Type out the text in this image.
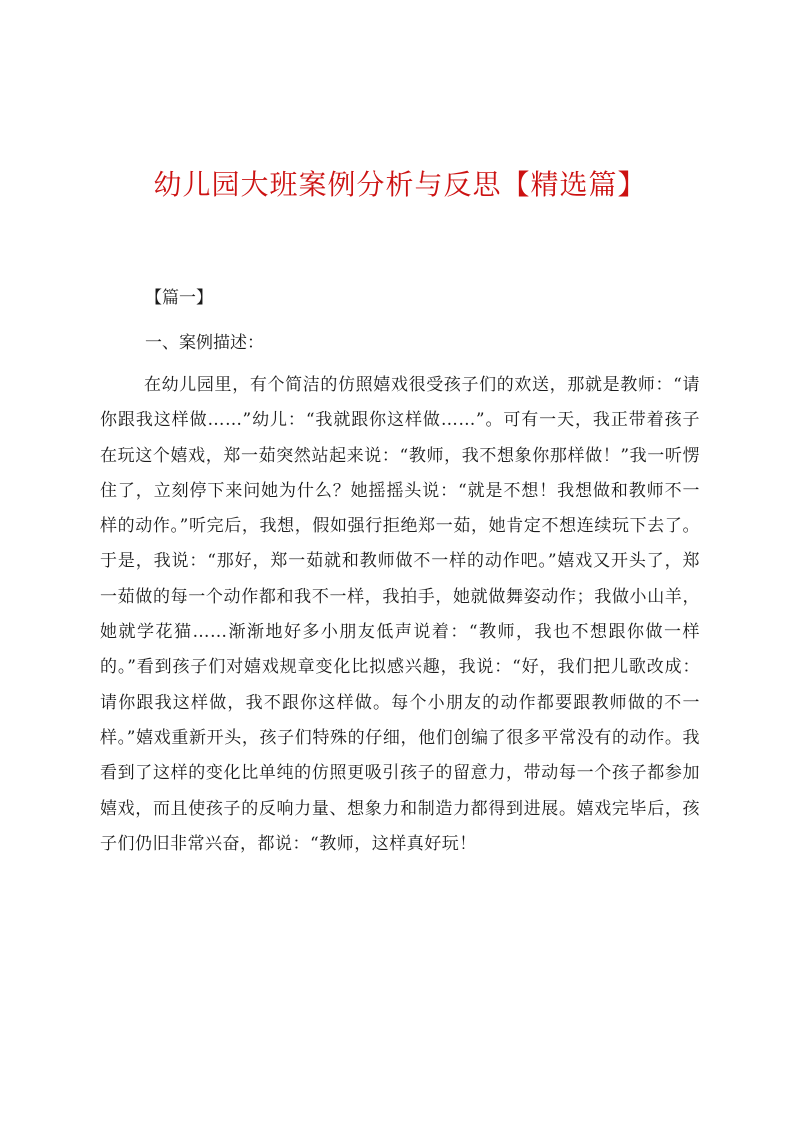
幼儿园大班案例分析与反思【精选篇】

【篇一】

一、案例描述：

在幼儿园里，有个简洁的仿照嬉戏很受孩子们的欢送，那就是教师：“请你跟我这样做……”幼儿：“我就跟你这样做……”。可有一天，我正带着孩子在玩这个嬉戏，郑一茹突然站起来说：“教师，我不想象你那样做！”我一听愣住了，立刻停下来问她为什么？她摇摇头说：“就是不想！我想做和教师不一样的动作。”听完后，我想，假如强行拒绝郑一茹，她肯定不想连续玩下去了。于是，我说：“那好，郑一茹就和教师做不一样的动作吧。”嬉戏又开头了，郑一茹做的每一个动作都和我不一样，我拍手，她就做舞姿动作；我做小山羊，她就学花猫……渐渐地好多小朋友低声说着：“教师，我也不想跟你做一样的。”看到孩子们对嬉戏规章变化比拟感兴趣，我说：“好，我们把儿歌改成：请你跟我这样做，我不跟你这样做。每个小朋友的动作都要跟教师做的不一样。”嬉戏重新开头，孩子们特殊的仔细，他们创编了很多平常没有的动作。我看到了这样的变化比单纯的仿照更吸引孩子的留意力，带动每一个孩子都参加嬉戏，而且使孩子的反响力量、想象力和制造力都得到进展。嬉戏完毕后，孩子们仍旧非常兴奋，都说：“教师，这样真好玩！
